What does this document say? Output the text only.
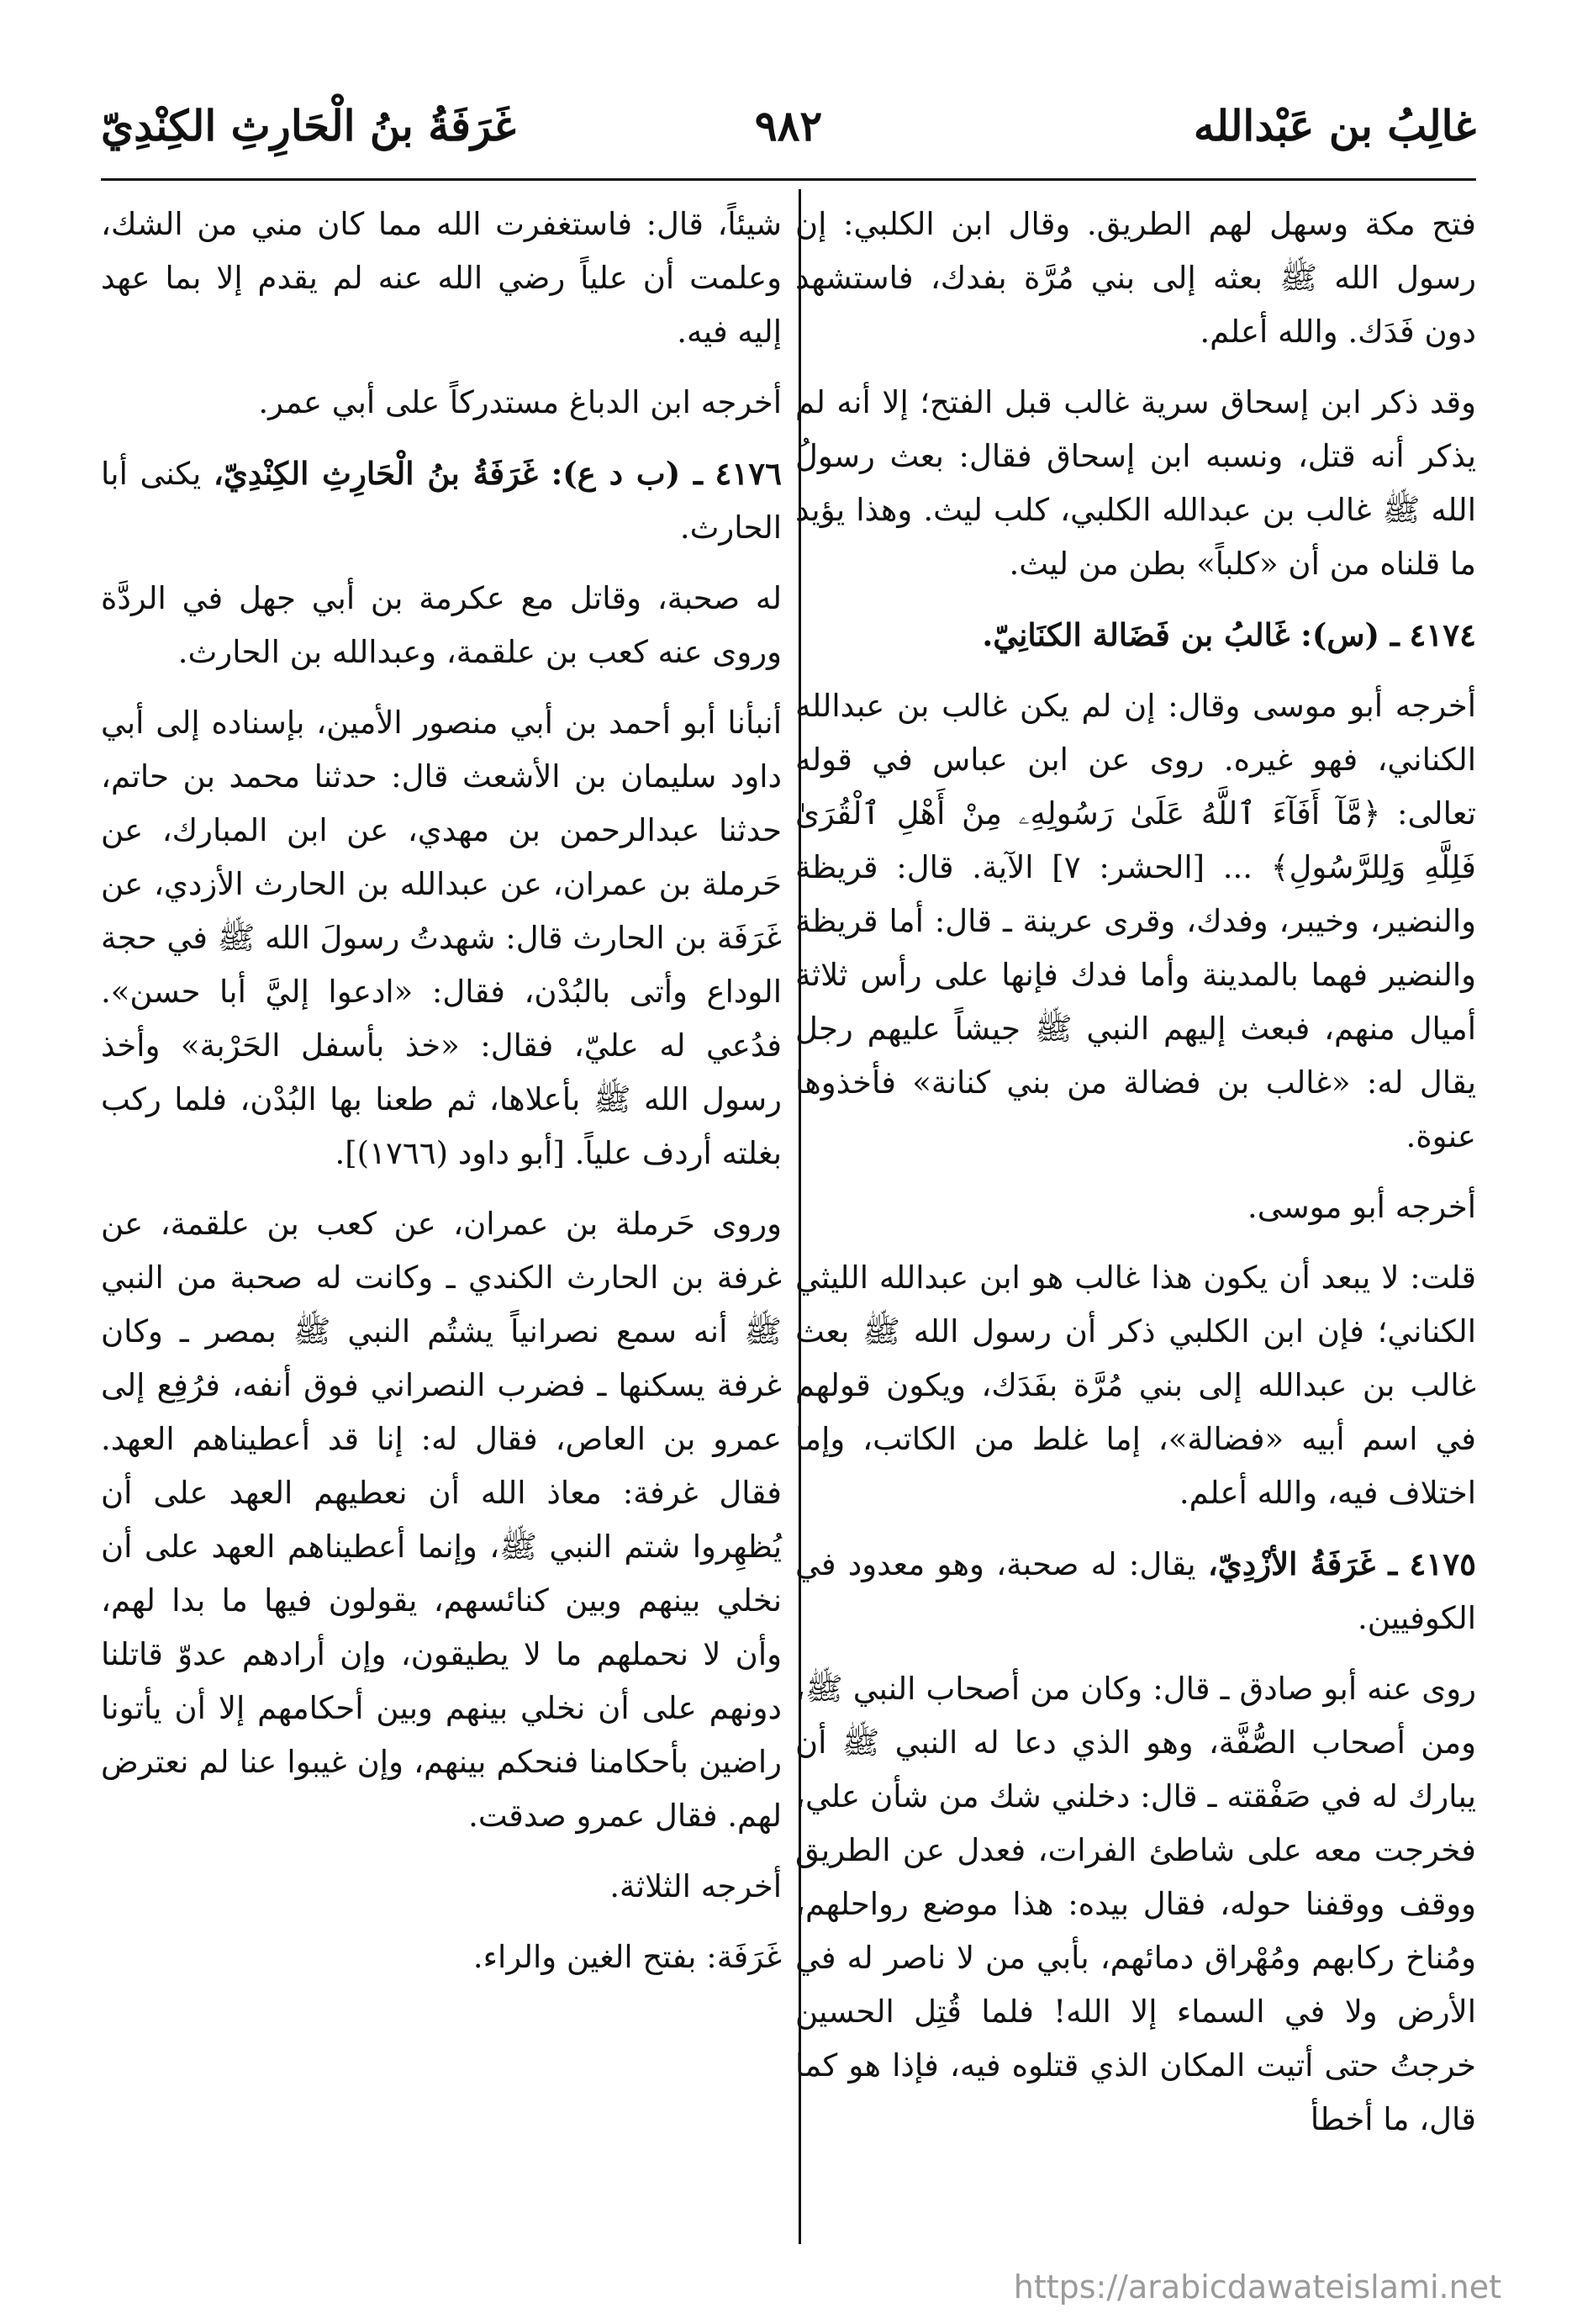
غالِبُ بن عَبْدالله
٩٨٢
غَرَفَةُ بنُ الْحَارِثِ الكِنْدِيّ

فتح مكة وسهل لهم الطريق. وقال ابن الكلبي: إن رسول الله ﷺ بعثه إلى بني مُرَّة بفدك، فاستشهد دون فَدَك. والله أعلم.

وقد ذكر ابن إسحاق سرية غالب قبل الفتح؛ إلا أنه لم يذكر أنه قتل، ونسبه ابن إسحاق فقال: بعث رسولُ الله ﷺ غالب بن عبدالله الكلبي، كلب ليث. وهذا يؤيد ما قلناه من أن «كلباً» بطن من ليث.

٤١٧٤ ـ (س): غَالبُ بن فَضَالة الكنَانِيّ.

أخرجه أبو موسى وقال: إن لم يكن غالب بن عبدالله الكناني، فهو غيره. روى عن ابن عباس في قوله تعالى: ﴿مَّآ أَفَآءَ ٱللَّهُ عَلَىٰ رَسُولِهِۦ مِنْ أَهْلِ ٱلْقُرَىٰ فَلِلَّهِ وَلِلرَّسُولِ﴾ ... [الحشر: ٧] الآية. قال: قريظة والنضير، وخيبر، وفدك، وقرى عرينة ـ قال: أما قريظة والنضير فهما بالمدينة وأما فدك فإنها على رأس ثلاثة أميال منهم، فبعث إليهم النبي ﷺ جيشاً عليهم رجل يقال له: «غالب بن فضالة من بني كنانة» فأخذوها عنوة.

أخرجه أبو موسى.

قلت: لا يبعد أن يكون هذا غالب هو ابن عبدالله الليثي الكناني؛ فإن ابن الكلبي ذكر أن رسول الله ﷺ بعث غالب بن عبدالله إلى بني مُرَّة بفَدَك، ويكون قولهم في اسم أبيه «فضالة»، إما غلط من الكاتب، وإما اختلاف فيه، والله أعلم.

٤١٧٥ ـ غَرَفَةُ الأزْدِيّ، يقال: له صحبة، وهو معدود في الكوفيين.

روى عنه أبو صادق ـ قال: وكان من أصحاب النبي ﷺ، ومن أصحاب الصُّفَّة، وهو الذي دعا له النبي ﷺ أن يبارك له في صَفْقته ـ قال: دخلني شك من شأن علي، فخرجت معه على شاطئ الفرات، فعدل عن الطريق ووقف ووقفنا حوله، فقال بيده: هذا موضع رواحلهم، ومُناخ ركابهم ومُهْراق دمائهم، بأبي من لا ناصر له في الأرض ولا في السماء إلا الله! فلما قُتِل الحسين خرجتُ حتى أتيت المكان الذي قتلوه فيه، فإذا هو كما قال، ما أخطأ

شيئاً، قال: فاستغفرت الله مما كان مني من الشك، وعلمت أن علياً رضي الله عنه لم يقدم إلا بما عهد إليه فيه.

أخرجه ابن الدباغ مستدركاً على أبي عمر.

٤١٧٦ ـ (ب د ع): غَرَفَةُ بنُ الْحَارِثِ الكِنْدِيّ، يكنى أبا الحارث.

له صحبة، وقاتل مع عكرمة بن أبي جهل في الردَّة وروى عنه كعب بن علقمة، وعبدالله بن الحارث.

أنبأنا أبو أحمد بن أبي منصور الأمين، بإسناده إلى أبي داود سليمان بن الأشعث قال: حدثنا محمد بن حاتم، حدثنا عبدالرحمن بن مهدي، عن ابن المبارك، عن حَرملة بن عمران، عن عبدالله بن الحارث الأزدي، عن غَرَفَة بن الحارث قال: شهدتُ رسولَ الله ﷺ في حجة الوداع وأتى بالبُدْن، فقال: «ادعوا إليَّ أبا حسن». فدُعي له عليّ، فقال: «خذ بأسفل الحَرْبة» وأخذ رسول الله ﷺ بأعلاها، ثم طعنا بها البُدْن، فلما ركب بغلته أردف علياً. [أبو داود (١٧٦٦)].

وروى حَرملة بن عمران، عن كعب بن علقمة، عن غرفة بن الحارث الكندي ـ وكانت له صحبة من النبي ﷺ أنه سمع نصرانياً يشتُم النبي ﷺ بمصر ـ وكان غرفة يسكنها ـ فضرب النصراني فوق أنفه، فرُفِع إلى عمرو بن العاص، فقال له: إنا قد أعطيناهم العهد. فقال غرفة: معاذ الله أن نعطيهم العهد على أن يُظهِروا شتم النبي ﷺ، وإنما أعطيناهم العهد على أن نخلي بينهم وبين كنائسهم، يقولون فيها ما بدا لهم، وأن لا نحملهم ما لا يطيقون، وإن أرادهم عدوّ قاتلنا دونهم على أن نخلي بينهم وبين أحكامهم إلا أن يأتونا راضين بأحكامنا فنحكم بينهم، وإن غيبوا عنا لم نعترض لهم. فقال عمرو صدقت.

أخرجه الثلاثة.

غَرَفَة: بفتح الغين والراء.

https://arabicdawateislami.net
